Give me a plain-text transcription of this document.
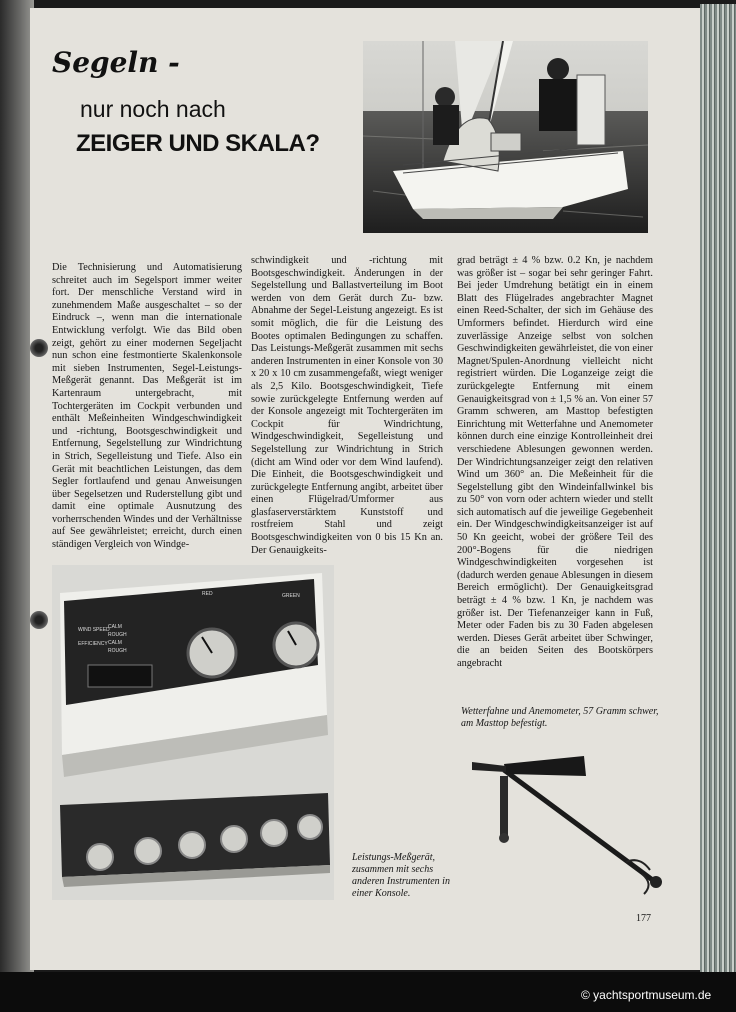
Segeln -
nur noch nach
ZEIGER UND SKALA?
Die Technisierung und Automatisierung schreitet auch im Segelsport immer weiter fort. Der menschliche Verstand wird in zunehmendem Maße ausgeschaltet – so der Eindruck –, wenn man die internationale Entwicklung verfolgt. Wie das Bild oben zeigt, gehört zu einer modernen Segeljacht nun schon eine festmontierte Skalenkonsole mit sieben Instrumenten, Segel-Leistungs-Meßgerät genannt. Das Meßgerät ist im Kartenraum untergebracht, mit Tochtergeräten im Cockpit verbunden und enthält Meßeinheiten Windgeschwindigkeit und -richtung, Bootsgeschwindigkeit und Entfernung, Segelstellung zur Windrichtung in Strich, Segelleistung und Tiefe. Also ein Gerät mit beachtlichen Leistungen, das dem Segler fortlaufend und genau Anweisungen über Segelsetzen und Ruderstellung gibt und damit eine optimale Ausnutzung des vorherrschenden Windes und der Verhältnisse auf See gewährleistet; erreicht, durch einen ständigen Vergleich von Windge-
schwindigkeit und -richtung mit Bootsgeschwindigkeit. Änderungen in der Segelstellung und Ballastverteilung im Boot werden von dem Gerät durch Zu- bzw. Abnahme der Segel-Leistung angezeigt. Es ist somit möglich, die für die Leistung des Bootes optimalen Bedingungen zu schaffen. Das Leistungs-Meßgerät zusammen mit sechs anderen Instrumenten in einer Konsole von 30 x 20 x 10 cm zusammengefaßt, wiegt weniger als 2,5 Kilo. Bootsgeschwindigkeit, Tiefe sowie zurückgelegte Entfernung werden auf der Konsole angezeigt mit Tochtergeräten im Cockpit für Windrichtung, Windgeschwindigkeit, Segelleistung und Segelstellung zur Windrichtung in Strich (dicht am Wind oder vor dem Wind laufend). Die Einheit, die Bootsgeschwindigkeit und zurückgelegte Entfernung angibt, arbeitet über einen Flügelrad/Umformer aus glasfaserverstärktem Kunststoff und rostfreiem Stahl und zeigt Bootsgeschwindigkeiten von 0 bis 15 Kn an. Der Genauigkeits-
grad beträgt ± 4 % bzw. 0.2 Kn, je nachdem was größer ist – sogar bei sehr geringer Fahrt. Bei jeder Umdrehung betätigt ein in einem Blatt des Flügelrades angebrachter Magnet einen Reed-Schalter, der sich im Gehäuse des Umformers befindet. Hierdurch wird eine zuverlässige Anzeige selbst von solchen Geschwindigkeiten gewährleistet, die von einer Magnet/Spulen-Anordnung vielleicht nicht registriert würden. Die Loganzeige zeigt die zurückgelegte Entfernung mit einem Genauigkeitsgrad von ± 1,5 % an. Von einer 57 Gramm schweren, am Masttop befestigten Einrichtung mit Wetterfahne und Anemometer können durch eine einzige Kontrolleinheit drei verschiedene Ablesungen gewonnen werden. Der Windrichtungsanzeiger zeigt den relativen Wind um 360° an. Die Meßeinheit für die Segelstellung gibt den Windeinfallwinkel bis zu 50° von vorn oder achtern wieder und stellt sich automatisch auf die jeweilige Gegebenheit ein. Der Windgeschwindigkeitsanzeiger ist auf 50 Kn geeicht, wobei der größere Teil des 200°-Bogens für die niedrigen Windgeschwindigkeiten vorgesehen ist (dadurch werden genaue Ablesungen in diesem Bereich ermöglicht). Der Genauigkeitsgrad beträgt ± 4 % bzw. 1 Kn, je nachdem was größer ist. Der Tiefenanzeiger kann in Fuß, Meter oder Faden bis zu 30 Faden abgelesen werden. Dieses Gerät arbeitet über Schwinger, die an beiden Seiten des Bootskörpers angebracht
WIND SPEED
CALM
ROUGH
CALM
ROUGH
EFFICIENCY
RED	GREEN
Wetterfahne und Anemometer, 57 Gramm schwer, am Masttop befestigt.
Leistungs-Meßgerät, zusammen mit sechs anderen Instrumenten in einer Konsole.
177
© yachtsportmuseum.de
